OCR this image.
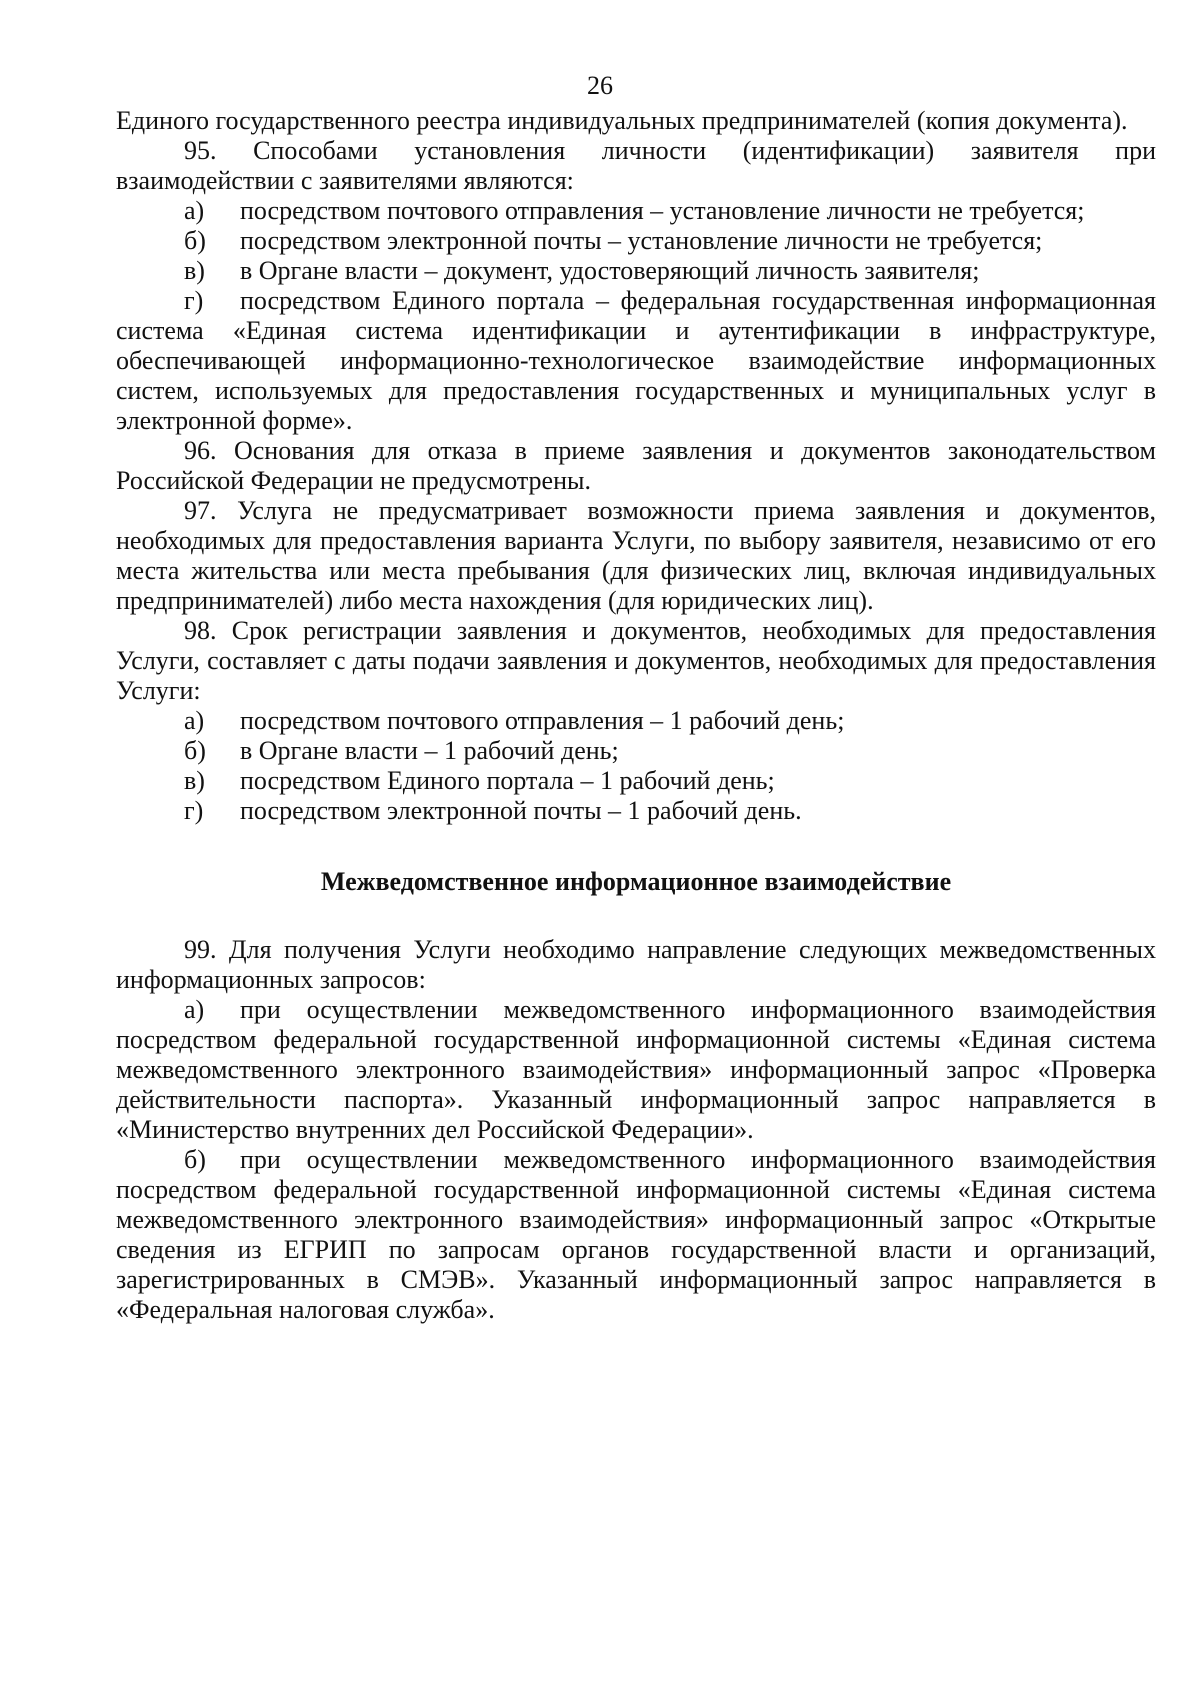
26

Единого государственного реестра индивидуальных предпринимателей (копия документа).

95. Способами установления личности (идентификации) заявителя при взаимодействии с заявителями являются:

а) посредством почтового отправления – установление личности не требуется;

б) посредством электронной почты – установление личности не требуется;

в) в Органе власти – документ, удостоверяющий личность заявителя;

г) посредством Единого портала – федеральная государственная информационная система «Единая система идентификации и аутентификации в инфраструктуре, обеспечивающей информационно-технологическое взаимодействие информационных систем, используемых для предоставления государственных и муниципальных услуг в электронной форме».

96. Основания для отказа в приеме заявления и документов законодательством Российской Федерации не предусмотрены.

97. Услуга не предусматривает возможности приема заявления и документов, необходимых для предоставления варианта Услуги, по выбору заявителя, независимо от его места жительства или места пребывания (для физических лиц, включая индивидуальных предпринимателей) либо места нахождения (для юридических лиц).

98. Срок регистрации заявления и документов, необходимых для предоставления Услуги, составляет с даты подачи заявления и документов, необходимых для предоставления Услуги:

а) посредством почтового отправления – 1 рабочий день;

б) в Органе власти – 1 рабочий день;

в) посредством Единого портала – 1 рабочий день;

г) посредством электронной почты – 1 рабочий день.

Межведомственное информационное взаимодействие

99. Для получения Услуги необходимо направление следующих межведомственных информационных запросов:

а) при осуществлении межведомственного информационного взаимодействия посредством федеральной государственной информационной системы «Единая система межведомственного электронного взаимодействия» информационный запрос «Проверка действительности паспорта». Указанный информационный запрос направляется в «Министерство внутренних дел Российской Федерации».

б) при осуществлении межведомственного информационного взаимодействия посредством федеральной государственной информационной системы «Единая система межведомственного электронного взаимодействия» информационный запрос «Открытые сведения из ЕГРИП по запросам органов государственной власти и организаций, зарегистрированных в СМЭВ». Указанный информационный запрос направляется в «Федеральная налоговая служба».
